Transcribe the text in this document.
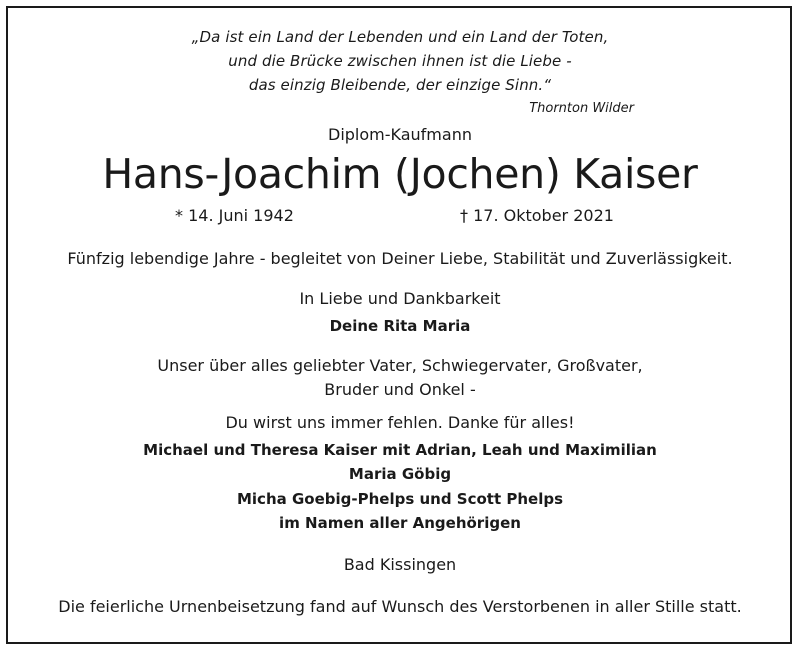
„Da ist ein Land der Lebenden und ein Land der Toten,
und die Brücke zwischen ihnen ist die Liebe -
das einzig Bleibende, der einzige Sinn.“
Thornton Wilder
Diplom-Kaufmann
Hans-Joachim (Jochen) Kaiser
* 14. Juni 1942	† 17. Oktober 2021
Fünfzig lebendige Jahre - begleitet von Deiner Liebe, Stabilität und Zuverlässigkeit.
In Liebe und Dankbarkeit
Deine Rita Maria
Unser über alles geliebter Vater, Schwiegervater, Großvater,
Bruder und Onkel -
Du wirst uns immer fehlen. Danke für alles!
Michael und Theresa Kaiser mit Adrian, Leah und Maximilian
Maria Göbig
Micha Goebig-Phelps und Scott Phelps
im Namen aller Angehörigen
Bad Kissingen
Die feierliche Urnenbeisetzung fand auf Wunsch des Verstorbenen in aller Stille statt.
